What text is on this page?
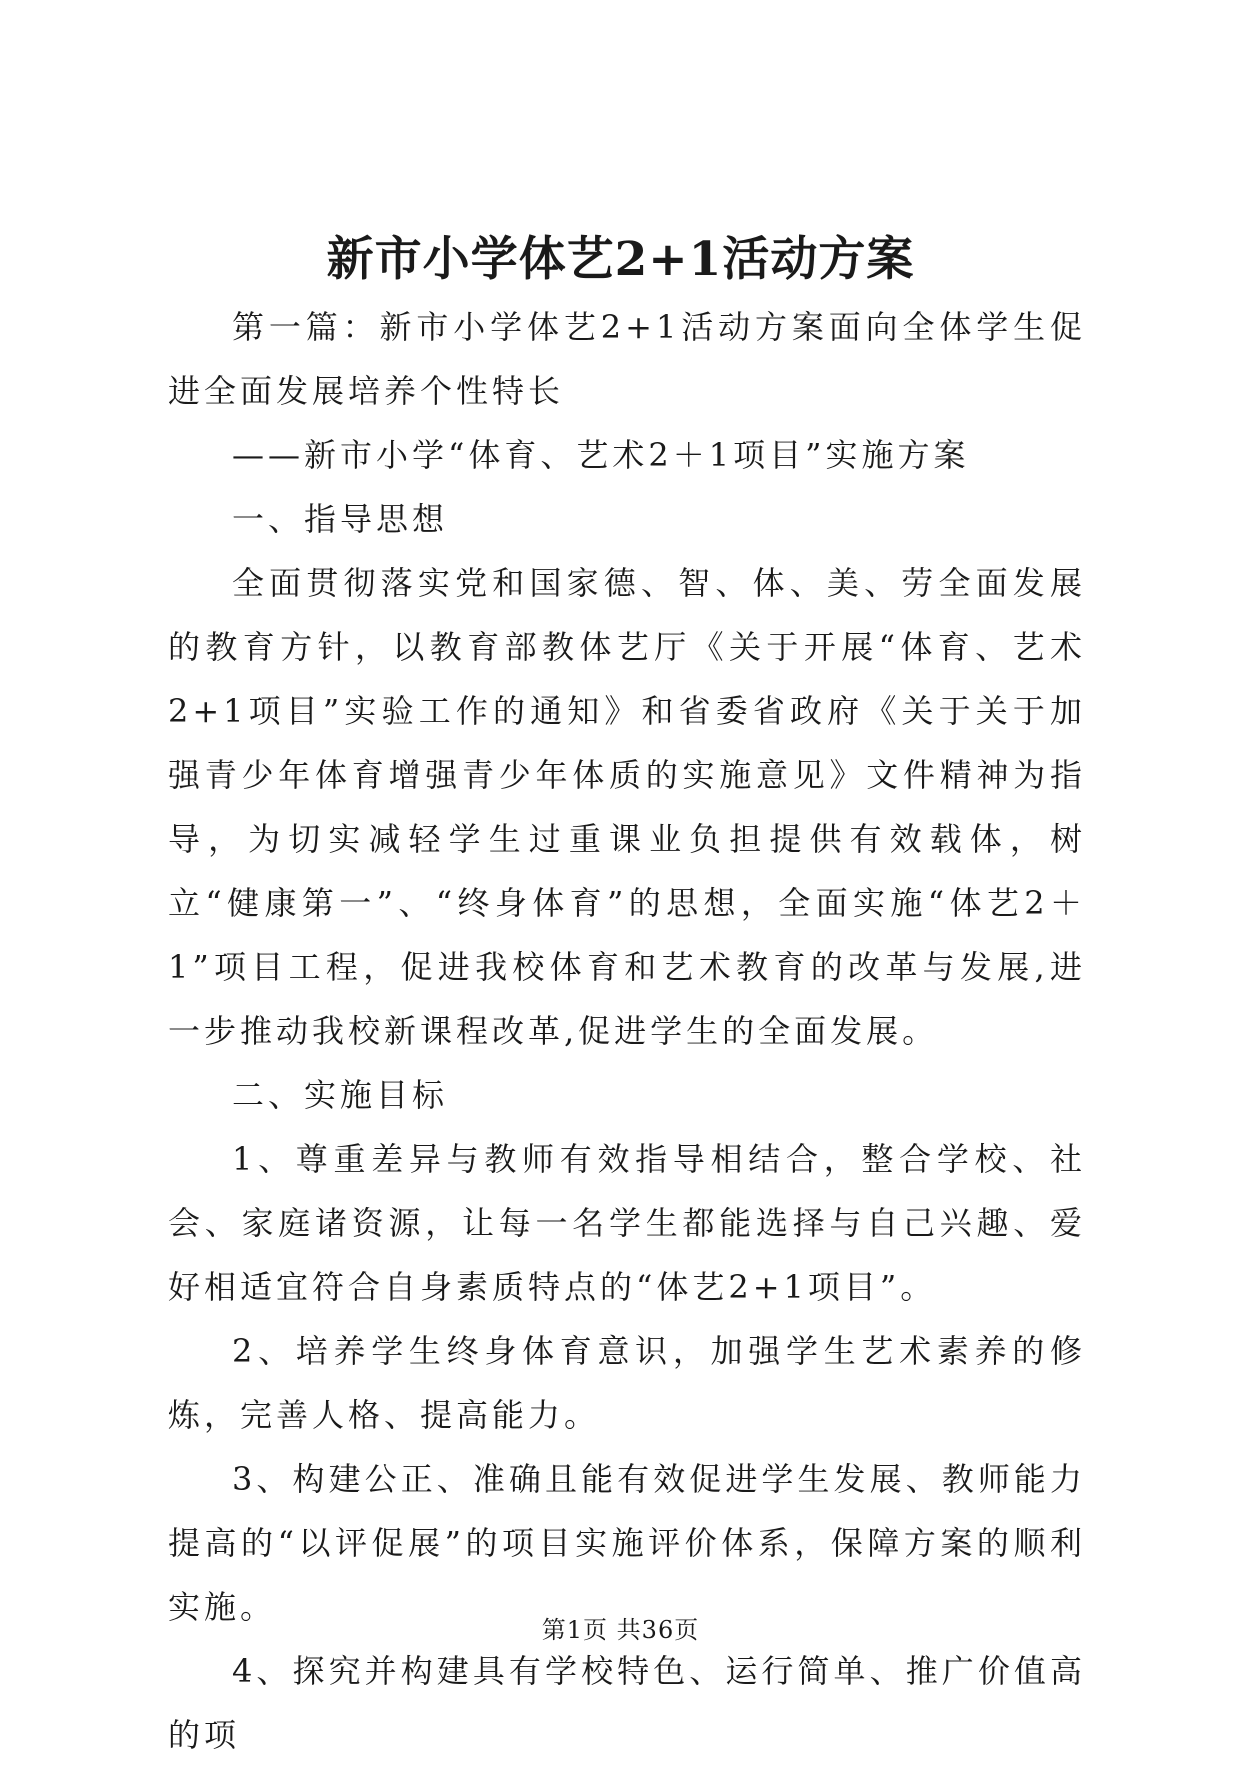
新市小学体艺2+1活动方案

第一篇：新市小学体艺2+1活动方案面向全体学生促进全面发展培养个性特长

——新市小学“体育、艺术2＋1项目”实施方案

一、指导思想

全面贯彻落实党和国家德、智、体、美、劳全面发展的教育方针，以教育部教体艺厅《关于开展“体育、艺术2+1项目”实验工作的通知》和省委省政府《关于关于加强青少年体育增强青少年体质的实施意见》文件精神为指导，为切实减轻学生过重课业负担提供有效载体，树立“健康第一”、“终身体育”的思想，全面实施“体艺2＋1”项目工程，促进我校体育和艺术教育的改革与发展,进一步推动我校新课程改革,促进学生的全面发展。

二、实施目标

1、尊重差异与教师有效指导相结合，整合学校、社会、家庭诸资源，让每一名学生都能选择与自己兴趣、爱好相适宜符合自身素质特点的“体艺2+1项目”。

2、培养学生终身体育意识，加强学生艺术素养的修炼，完善人格、提高能力。

3、构建公正、准确且能有效促进学生发展、教师能力提高的“以评促展”的项目实施评价体系，保障方案的顺利实施。

4、探究并构建具有学校特色、运行简单、推广价值高的项

第1页 共36页
